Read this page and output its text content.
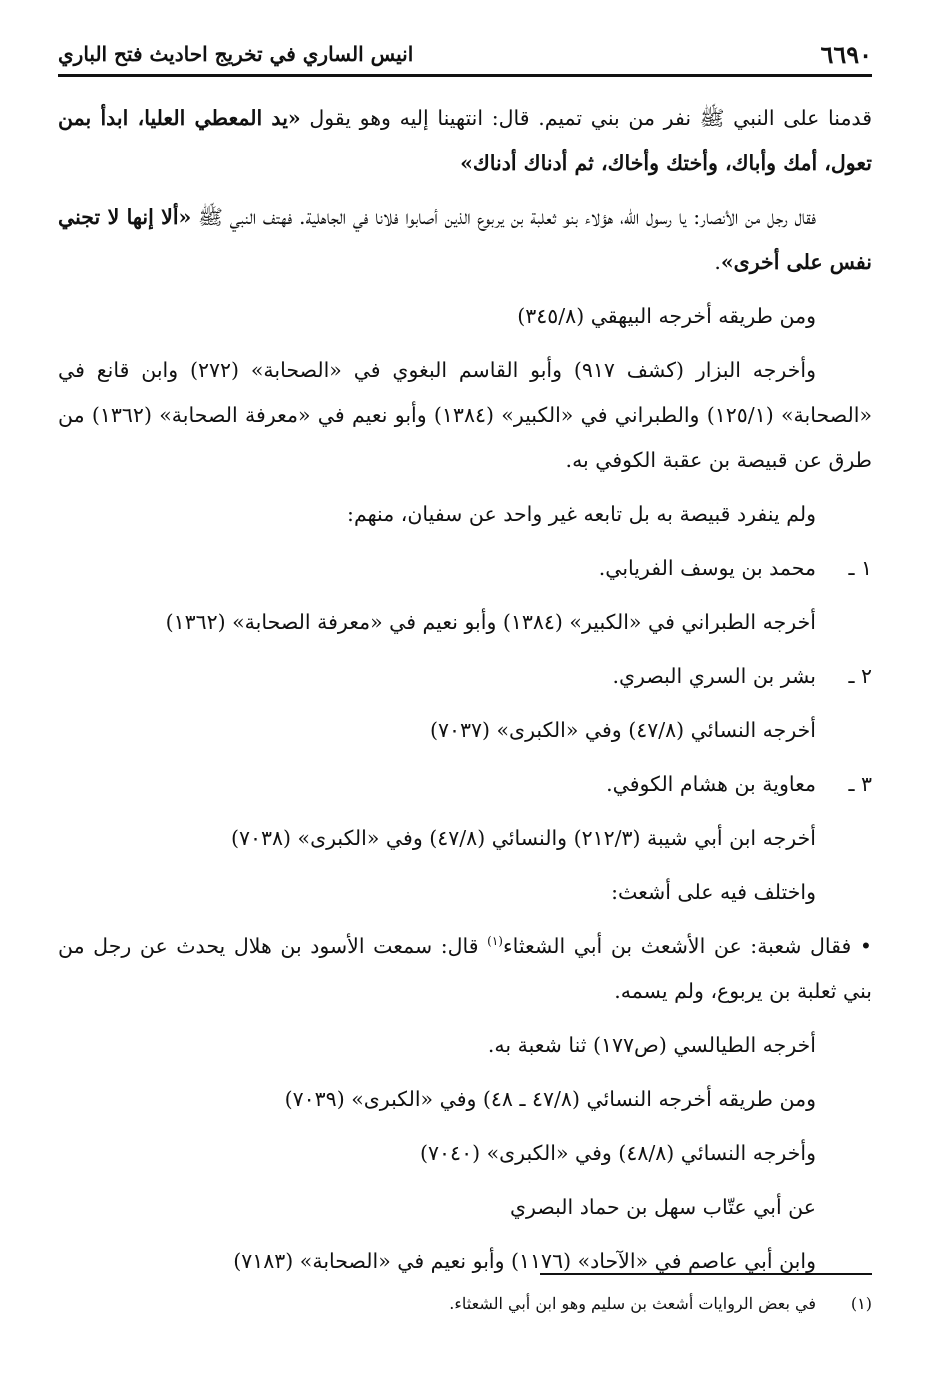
٦٦٩٠
انيس الساري في تخريج احاديث فتح الباري

قدمنا على النبي ﷺ نفر من بني تميم. قال: انتهينا إليه وهو يقول «يد المعطي العليا، ابدأ بمن تعول، أمك وأباك، وأختك وأخاك، ثم أدناك أدناك»

فقال رجل من الأنصار: يا رسول الله، هؤلاء بنو ثعلبة بن يربوع الذين أصابوا فلانا في الجاهلية. فهتف النبي ﷺ «ألا إنها لا تجني نفس على أخرى».

ومن طريقه أخرجه البيهقي (٣٤٥/٨)

وأخرجه البزار (كشف ٩١٧) وأبو القاسم البغوي في «الصحابة» (٢٧٢) وابن قانع في «الصحابة» (١٢٥/١) والطبراني في «الكبير» (١٣٨٤) وأبو نعيم في «معرفة الصحابة» (١٣٦٢) من طرق عن قبيصة بن عقبة الكوفي به.

ولم ينفرد قبيصة به بل تابعه غير واحد عن سفيان، منهم:

١ ـمحمد بن يوسف الفريابي.

أخرجه الطبراني في «الكبير» (١٣٨٤) وأبو نعيم في «معرفة الصحابة» (١٣٦٢)

٢ ـبشر بن السري البصري.

أخرجه النسائي (٤٧/٨) وفي «الكبرى» (٧٠٣٧)

٣ ـمعاوية بن هشام الكوفي.

أخرجه ابن أبي شيبة (٢١٢/٣) والنسائي (٤٧/٨) وفي «الكبرى» (٧٠٣٨)

واختلف فيه على أشعث:

• فقال شعبة: عن الأشعث بن أبي الشعثاء$^{(١)}$ قال: سمعت الأسود بن هلال يحدث عن رجل من بني ثعلبة بن يربوع، ولم يسمه.

أخرجه الطيالسي (ص١٧٧) ثنا شعبة به.

ومن طريقه أخرجه النسائي (٤٧/٨ ـ ٤٨) وفي «الكبرى» (٧٠٣٩)

وأخرجه النسائي (٤٨/٨) وفي «الكبرى» (٧٠٤٠)

عن أبي عتّاب سهل بن حماد البصري

وابن أبي عاصم في «الآحاد» (١١٧٦) وأبو نعيم في «الصحابة» (٧١٨٣)

(١)في بعض الروايات أشعث بن سليم وهو ابن أبي الشعثاء.
